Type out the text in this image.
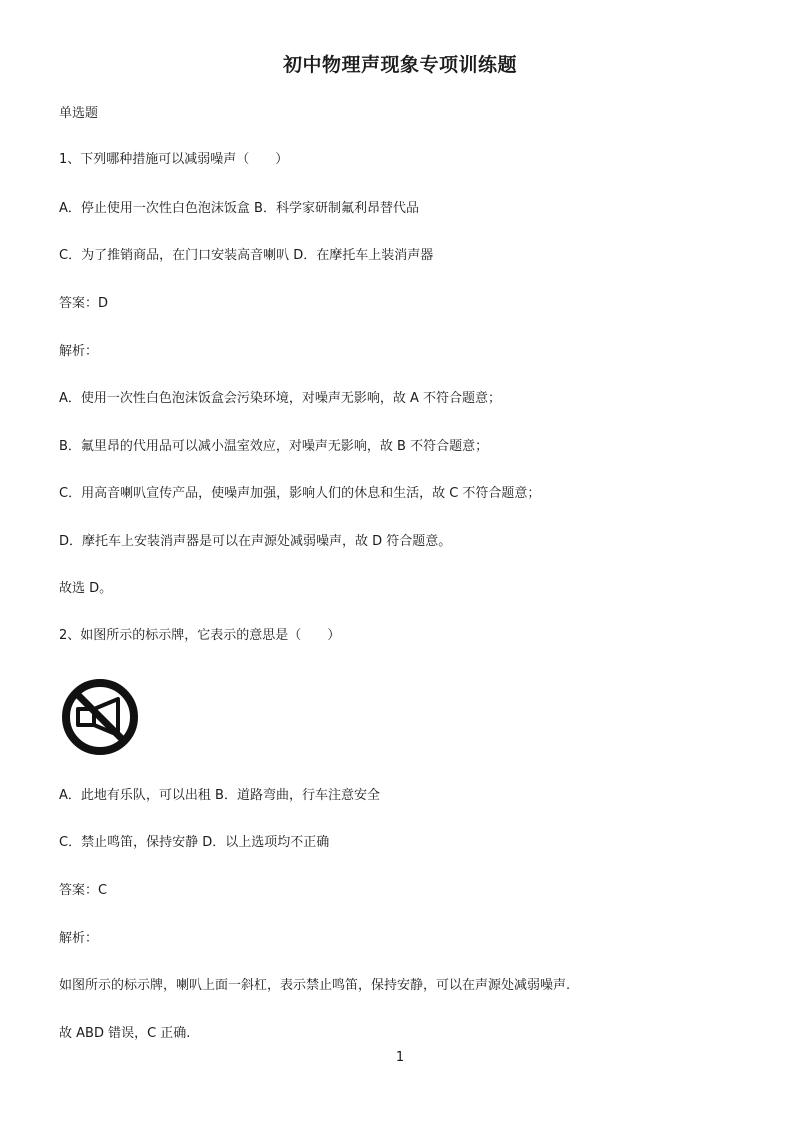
初中物理声现象专项训练题
单选题
1、下列哪种措施可以减弱噪声（　　）
A．停止使用一次性白色泡沫饭盒 B．科学家研制氟利昂替代品
C．为了推销商品，在门口安装高音喇叭 D．在摩托车上装消声器
答案：D
解析：
A．使用一次性白色泡沫饭盒会污染环境，对噪声无影响，故 A 不符合题意；
B．氟里昂的代用品可以减小温室效应，对噪声无影响，故 B 不符合题意；
C．用高音喇叭宣传产品，使噪声加强，影响人们的休息和生活，故 C 不符合题意；
D．摩托车上安装消声器是可以在声源处减弱噪声，故 D 符合题意。
故选 D。
2、如图所示的标示牌，它表示的意思是（　　）
A．此地有乐队，可以出租 B．道路弯曲，行车注意安全
C．禁止鸣笛，保持安静 D．以上选项均不正确
答案：C
解析：
如图所示的标示牌，喇叭上面一斜杠，表示禁止鸣笛，保持安静，可以在声源处减弱噪声.
故 ABD 错误，C 正确.
1
